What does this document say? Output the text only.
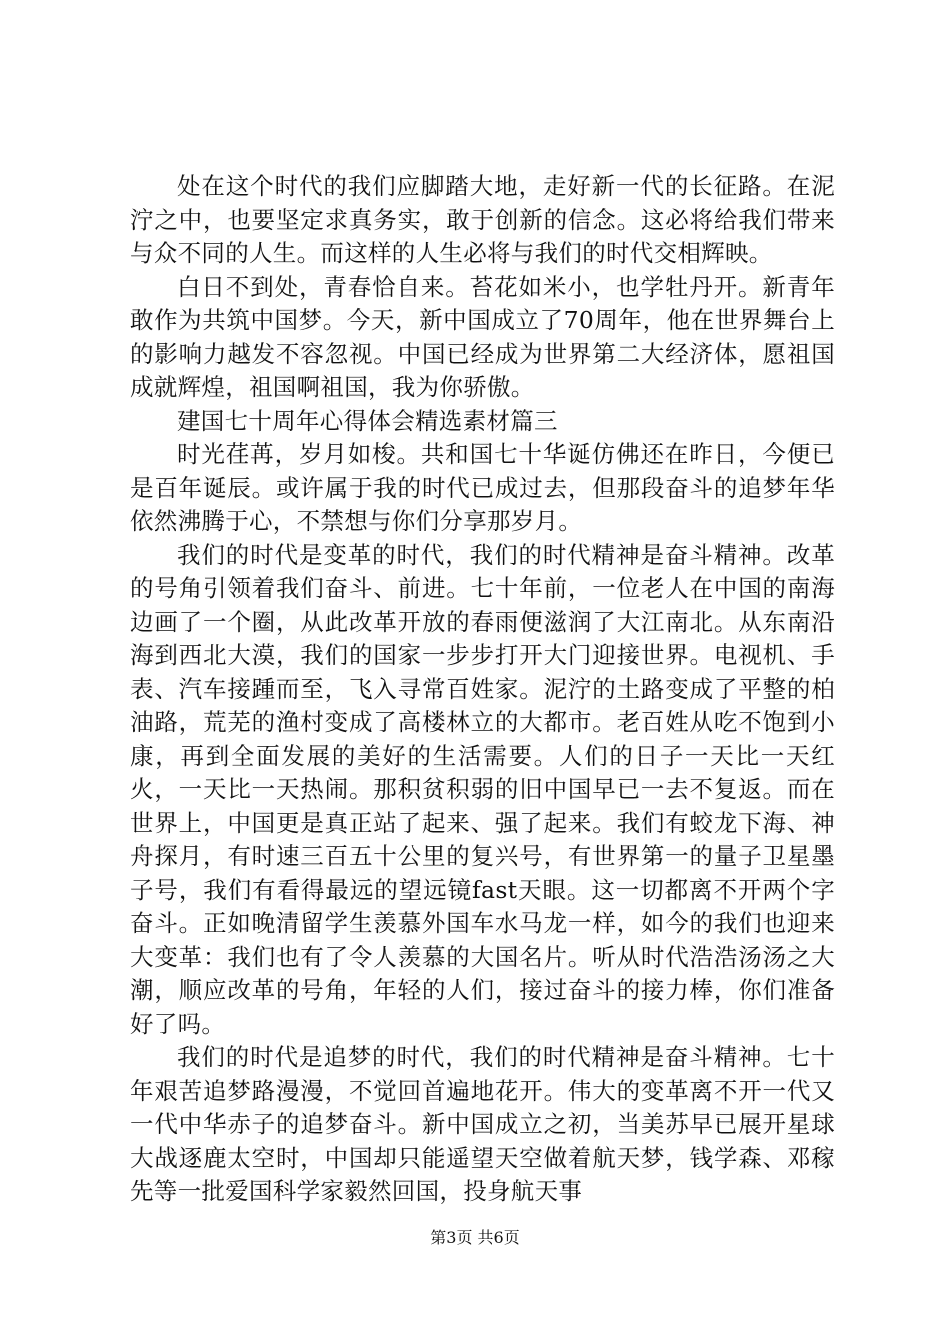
处在这个时代的我们应脚踏大地，走好新一代的长征路。在泥泞之中，也要坚定求真务实，敢于创新的信念。这必将给我们带来与众不同的人生。而这样的人生必将与我们的时代交相辉映。

白日不到处，青春恰自来。苔花如米小，也学牡丹开。新青年敢作为共筑中国梦。今天，新中国成立了70周年，他在世界舞台上的影响力越发不容忽视。中国已经成为世界第二大经济体，愿祖国成就辉煌，祖国啊祖国，我为你骄傲。

建国七十周年心得体会精选素材篇三

时光荏苒，岁月如梭。共和国七十华诞仿佛还在昨日，今便已是百年诞辰。或许属于我的时代已成过去，但那段奋斗的追梦年华依然沸腾于心，不禁想与你们分享那岁月。

我们的时代是变革的时代，我们的时代精神是奋斗精神。改革的号角引领着我们奋斗、前进。七十年前，一位老人在中国的南海边画了一个圈，从此改革开放的春雨便滋润了大江南北。从东南沿海到西北大漠，我们的国家一步步打开大门迎接世界。电视机、手表、汽车接踵而至，飞入寻常百姓家。泥泞的土路变成了平整的柏油路，荒芜的渔村变成了高楼林立的大都市。老百姓从吃不饱到小康，再到全面发展的美好的生活需要。人们的日子一天比一天红火，一天比一天热闹。那积贫积弱的旧中国早已一去不复返。而在世界上，中国更是真正站了起来、强了起来。我们有蛟龙下海、神舟探月，有时速三百五十公里的复兴号，有世界第一的量子卫星墨子号，我们有看得最远的望远镜fast天眼。这一切都离不开两个字奋斗。正如晚清留学生羡慕外国车水马龙一样，如今的我们也迎来大变革：我们也有了令人羡慕的大国名片。听从时代浩浩汤汤之大潮，顺应改革的号角，年轻的人们，接过奋斗的接力棒，你们准备好了吗。

我们的时代是追梦的时代，我们的时代精神是奋斗精神。七十年艰苦追梦路漫漫，不觉回首遍地花开。伟大的变革离不开一代又一代中华赤子的追梦奋斗。新中国成立之初，当美苏早已展开星球大战逐鹿太空时，中国却只能遥望天空做着航天梦，钱学森、邓稼先等一批爱国科学家毅然回国，投身航天事

第3页 共6页
